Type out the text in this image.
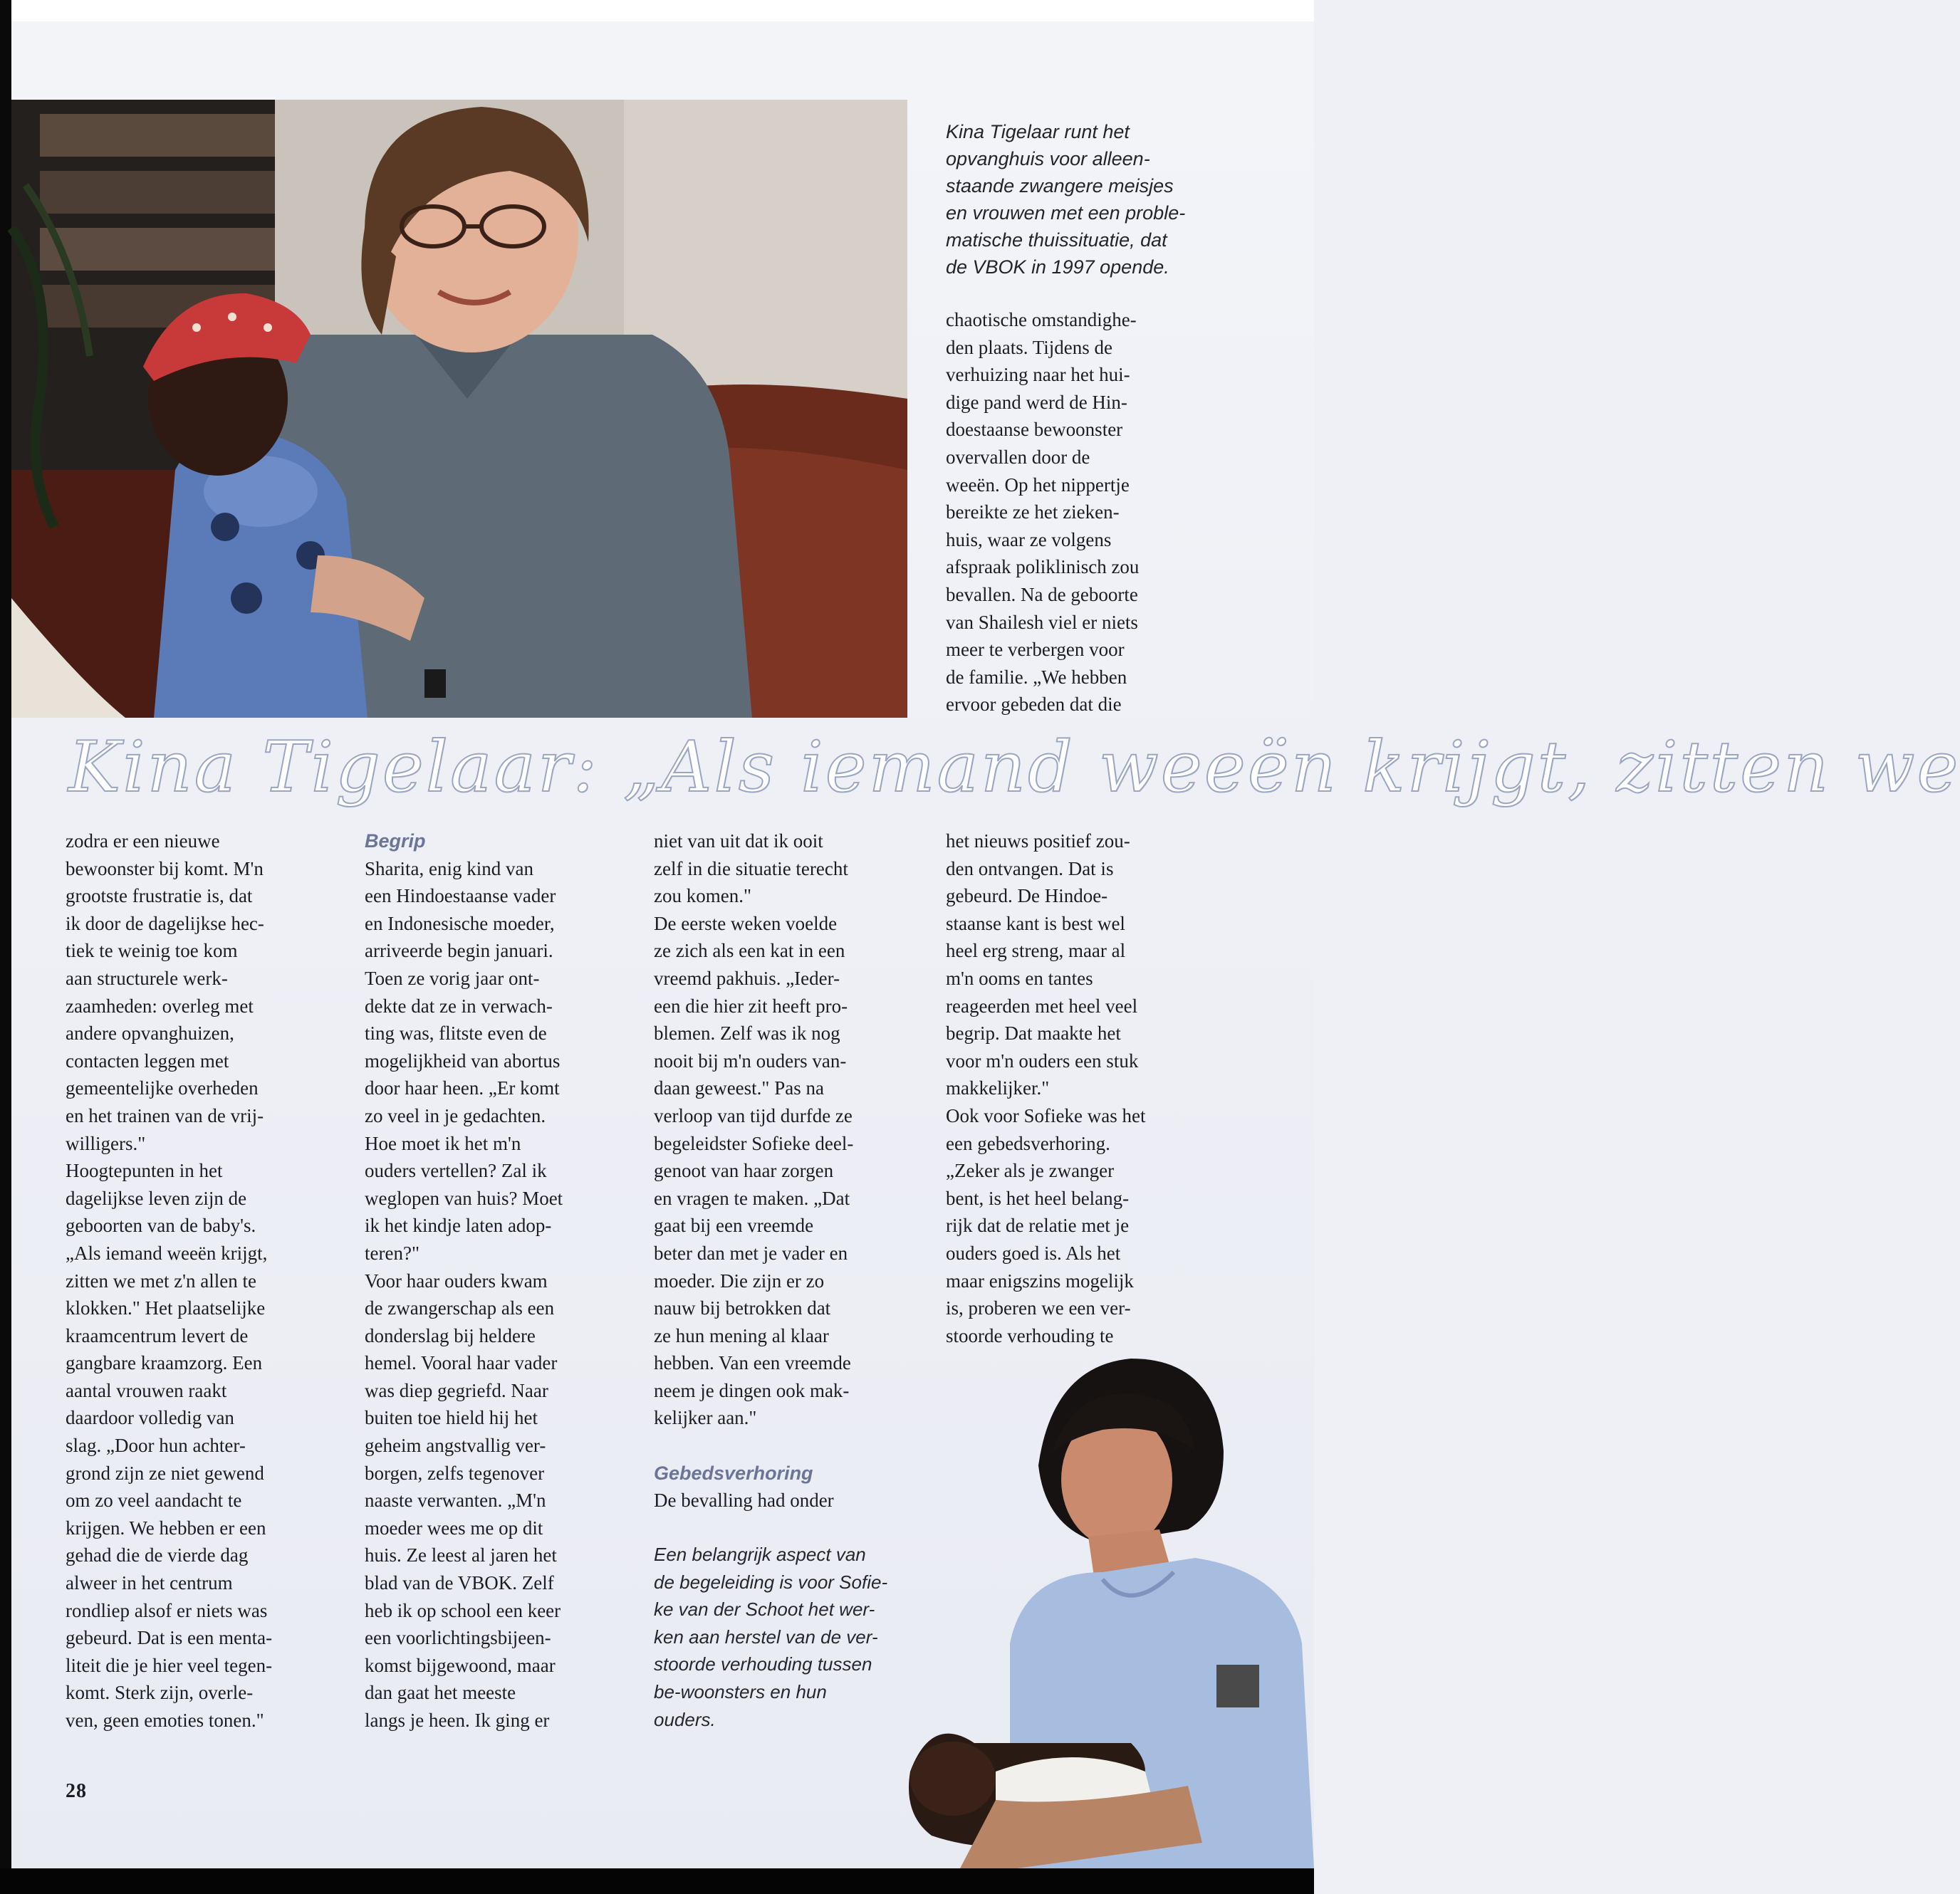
Kina Tigelaar runt het
opvanghuis voor alleen-
staande zwangere meisjes
en vrouwen met een proble-
matische thuissituatie, dat
de VBOK in 1997 opende.
chaotische omstandighe-
den plaats. Tijdens de
verhuizing naar het hui-
dige pand werd de Hin-
doestaanse bewoonster
overvallen door de
weeën. Op het nippertje
bereikte ze het zieken-
huis, waar ze volgens
afspraak poliklinisch zou
bevallen. Na de geboorte
van Shailesh viel er niets
meer te verbergen voor
de familie. „We hebben
ervoor gebeden dat die
Kina Tigelaar: „Als iemand weeën krijgt, zitten we
zodra er een nieuwe
bewoonster bij komt. M'n
grootste frustratie is, dat
ik door de dagelijkse hec-
tiek te weinig toe kom
aan structurele werk-
zaamheden: overleg met
andere opvanghuizen,
contacten leggen met
gemeentelijke overheden
en het trainen van de vrij-
willigers."
Hoogtepunten in het
dagelijkse leven zijn de
geboorten van de baby's.
„Als iemand weeën krijgt,
zitten we met z'n allen te
klokken." Het plaatselijke
kraamcentrum levert de
gangbare kraamzorg. Een
aantal vrouwen raakt
daardoor volledig van
slag. „Door hun achter-
grond zijn ze niet gewend
om zo veel aandacht te
krijgen. We hebben er een
gehad die de vierde dag
alweer in het centrum
rondliep alsof er niets was
gebeurd. Dat is een menta-
liteit die je hier veel tegen-
komt. Sterk zijn, overle-
ven, geen emoties tonen."
Begrip
Sharita, enig kind van
een Hindoestaanse vader
en Indonesische moeder,
arriveerde begin januari.
Toen ze vorig jaar ont-
dekte dat ze in verwach-
ting was, flitste even de
mogelijkheid van abortus
door haar heen. „Er komt
zo veel in je gedachten.
Hoe moet ik het m'n
ouders vertellen? Zal ik
weglopen van huis? Moet
ik het kindje laten adop-
teren?"
Voor haar ouders kwam
de zwangerschap als een
donderslag bij heldere
hemel. Vooral haar vader
was diep gegriefd. Naar
buiten toe hield hij het
geheim angstvallig ver-
borgen, zelfs tegenover
naaste verwanten. „M'n
moeder wees me op dit
huis. Ze leest al jaren het
blad van de VBOK. Zelf
heb ik op school een keer
een voorlichtingsbijeen-
komst bijgewoond, maar
dan gaat het meeste
langs je heen. Ik ging er
niet van uit dat ik ooit
zelf in die situatie terecht
zou komen."
De eerste weken voelde
ze zich als een kat in een
vreemd pakhuis. „Ieder-
een die hier zit heeft pro-
blemen. Zelf was ik nog
nooit bij m'n ouders van-
daan geweest." Pas na
verloop van tijd durfde ze
begeleidster Sofieke deel-
genoot van haar zorgen
en vragen te maken. „Dat
gaat bij een vreemde
beter dan met je vader en
moeder. Die zijn er zo
nauw bij betrokken dat
ze hun mening al klaar
hebben. Van een vreemde
neem je dingen ook mak-
kelijker aan."
Gebedsverhoring
De bevalling had onder
het nieuws positief zou-
den ontvangen. Dat is
gebeurd. De Hindoe-
staanse kant is best wel
heel erg streng, maar al
m'n ooms en tantes
reageerden met heel veel
begrip. Dat maakte het
voor m'n ouders een stuk
makkelijker."
Ook voor Sofieke was het
een gebedsverhoring.
„Zeker als je zwanger
bent, is het heel belang-
rijk dat de relatie met je
ouders goed is. Als het
maar enigszins mogelijk
is, proberen we een ver-
stoorde verhouding te
Een belangrijk aspect van
de begeleiding is voor Sofie-
ke van der Schoot het wer-
ken aan herstel van de ver-
stoorde verhouding tussen
be-woonsters en hun
ouders.
28
